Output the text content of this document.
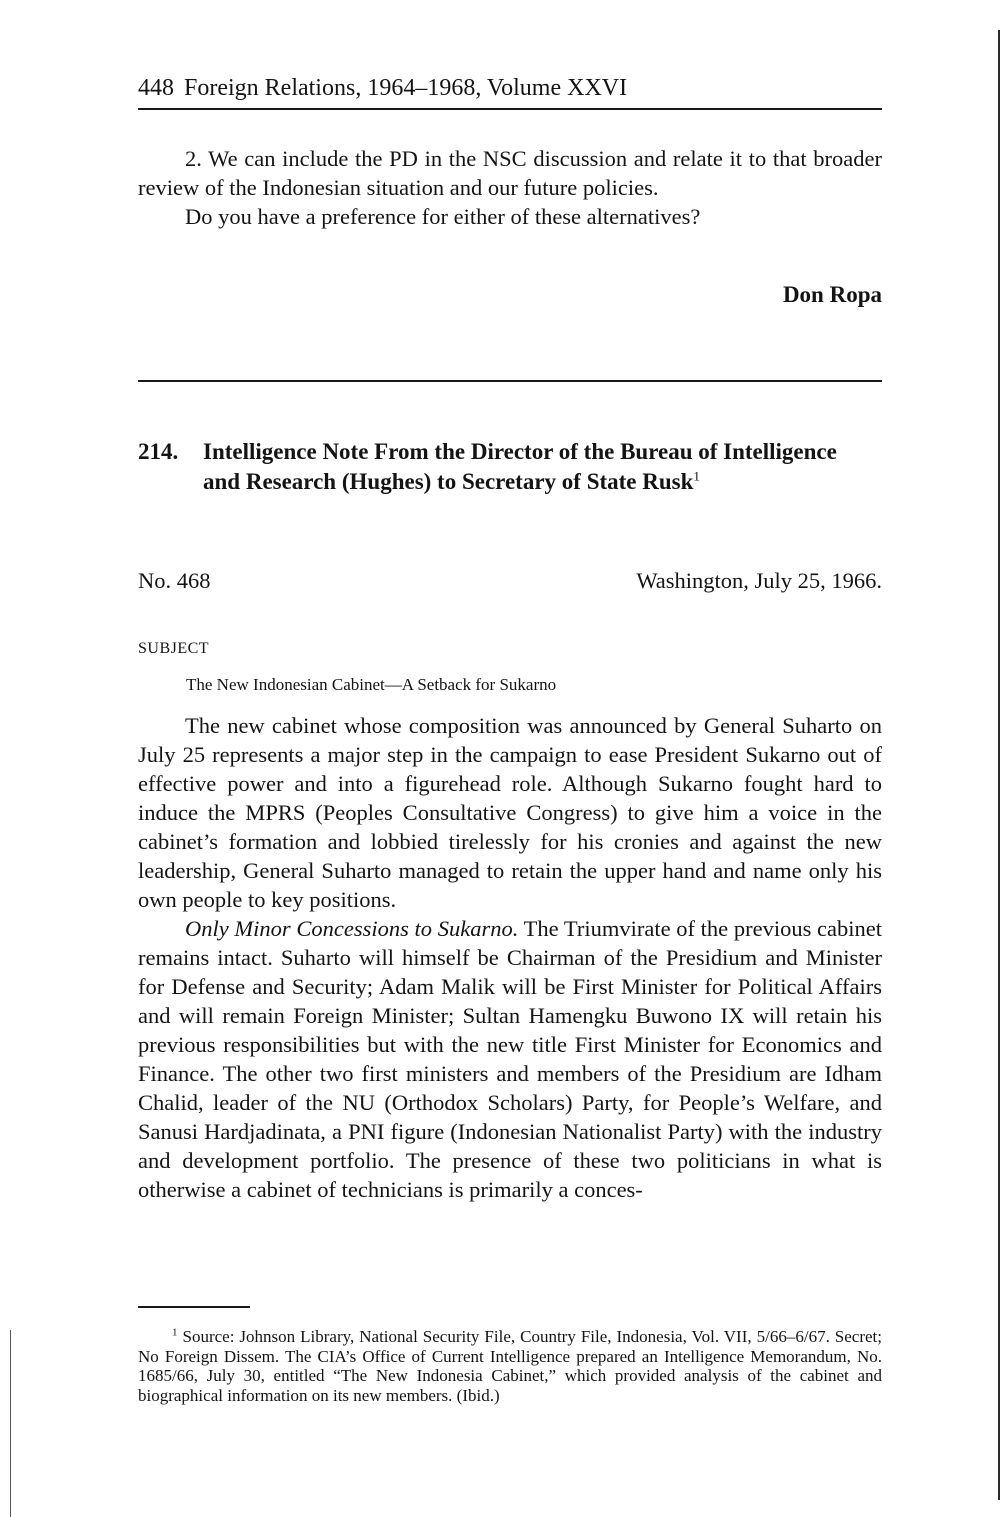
448 Foreign Relations, 1964–1968, Volume XXVI

2. We can include the PD in the NSC discussion and relate it to that broader review of the Indonesian situation and our future policies.

Do you have a preference for either of these alternatives?

Don Ropa
214. Intelligence Note From the Director of the Bureau of Intelligence and Research (Hughes) to Secretary of State Rusk$^1$
No. 468	Washington, July 25, 1966.
SUBJECT
The New Indonesian Cabinet—A Setback for Sukarno

The new cabinet whose composition was announced by General Suharto on July 25 represents a major step in the campaign to ease President Sukarno out of effective power and into a figurehead role. Although Sukarno fought hard to induce the MPRS (Peoples Consultative Congress) to give him a voice in the cabinet’s formation and lobbied tirelessly for his cronies and against the new leadership, General Suharto managed to retain the upper hand and name only his own people to key positions.

Only Minor Concessions to Sukarno. The Triumvirate of the previous cabinet remains intact. Suharto will himself be Chairman of the Presidium and Minister for Defense and Security; Adam Malik will be First Minister for Political Affairs and will remain Foreign Minister; Sultan Hamengku Buwono IX will retain his previous responsibilities but with the new title First Minister for Economics and Finance. The other two first ministers and members of the Presidium are Idham Chalid, leader of the NU (Orthodox Scholars) Party, for People’s Welfare, and Sanusi Hardjadinata, a PNI figure (Indonesian Nationalist Party) with the industry and development portfolio. The presence of these two politicians in what is otherwise a cabinet of technicians is primarily a conces-

$^1$ Source: Johnson Library, National Security File, Country File, Indonesia, Vol. VII, 5/66–6/67. Secret; No Foreign Dissem. The CIA’s Office of Current Intelligence prepared an Intelligence Memorandum, No. 1685/66, July 30, entitled “The New Indonesia Cabinet,” which provided analysis of the cabinet and biographical information on its new members. (Ibid.)
